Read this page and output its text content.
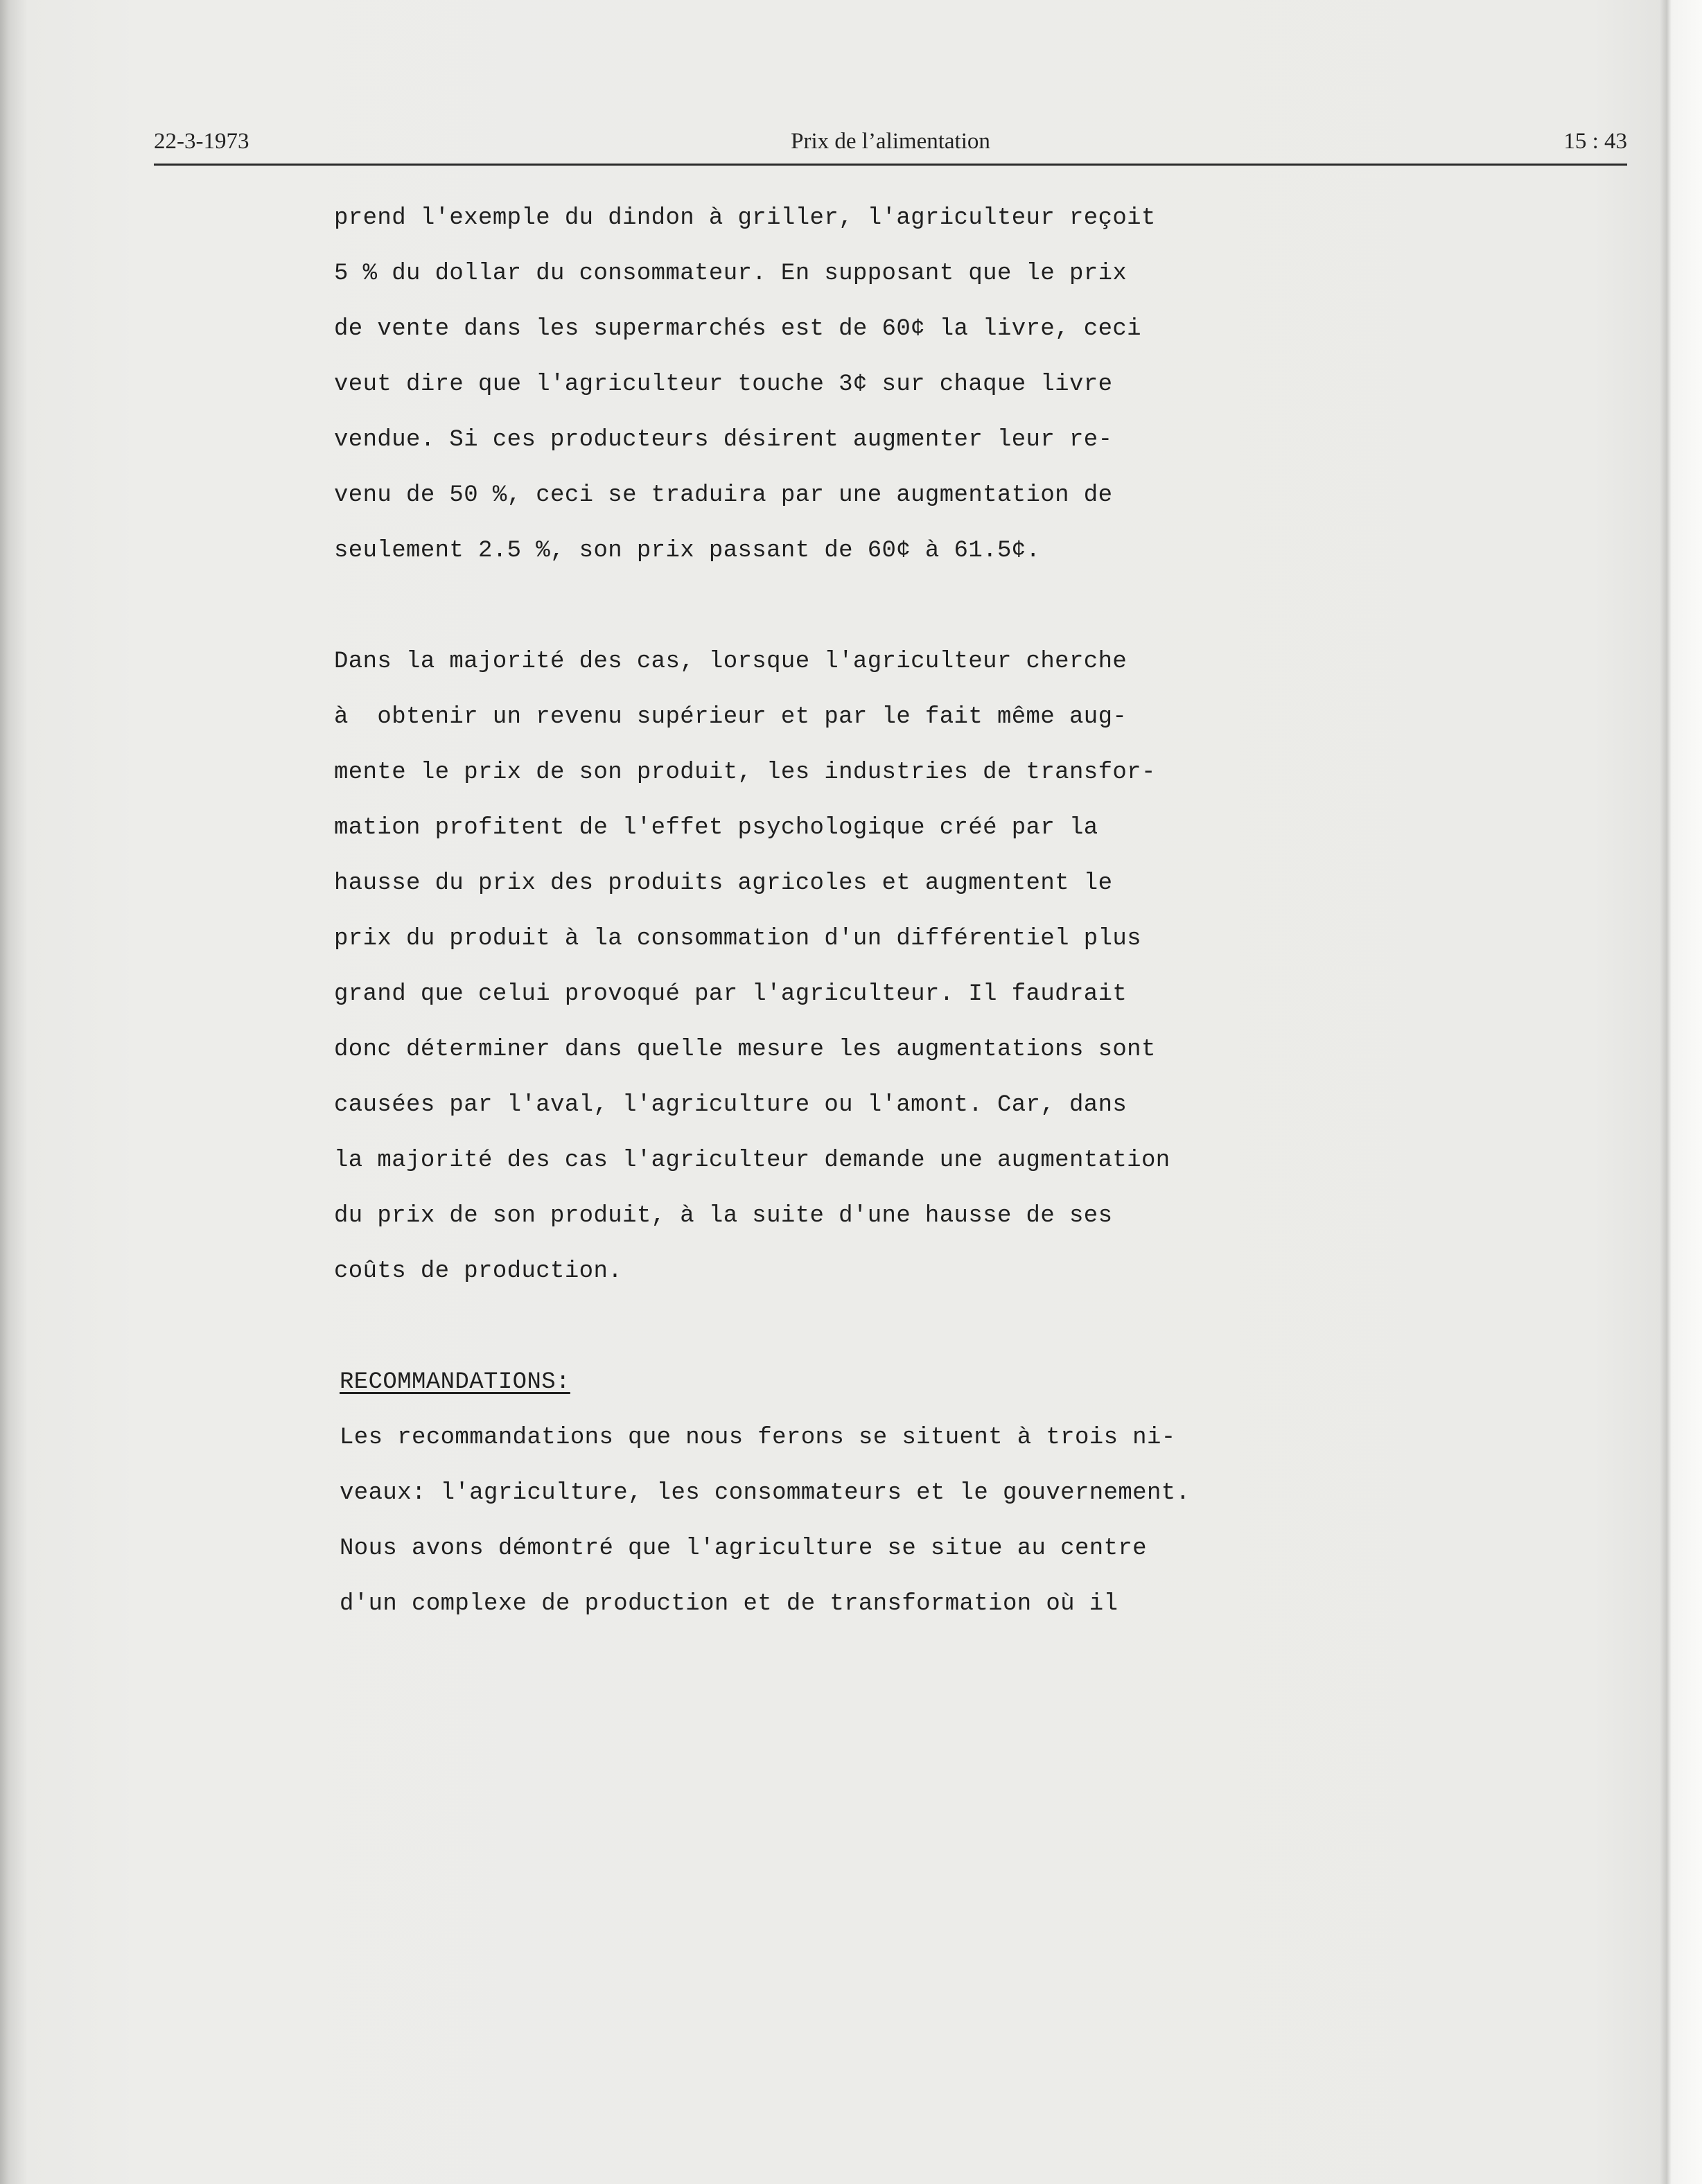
22-3-1973	Prix de l’alimentation	15 : 43
prend l'exemple du dindon à griller, l'agriculteur reçoit
5 % du dollar du consommateur. En supposant que le prix
de vente dans les supermarchés est de 60¢ la livre, ceci
veut dire que l'agriculteur touche 3¢ sur chaque livre
vendue. Si ces producteurs désirent augmenter leur re-
venu de 50 %, ceci se traduira par une augmentation de
seulement 2.5 %, son prix passant de 60¢ à 61.5¢.
Dans la majorité des cas, lorsque l'agriculteur cherche
à  obtenir un revenu supérieur et par le fait même aug-
mente le prix de son produit, les industries de transfor-
mation profitent de l'effet psychologique créé par la
hausse du prix des produits agricoles et augmentent le
prix du produit à la consommation d'un différentiel plus
grand que celui provoqué par l'agriculteur. Il faudrait
donc déterminer dans quelle mesure les augmentations sont
causées par l'aval, l'agriculture ou l'amont. Car, dans
la majorité des cas l'agriculteur demande une augmentation
du prix de son produit, à la suite d'une hausse de ses
coûts de production.
RECOMMANDATIONS:
Les recommandations que nous ferons se situent à trois ni-
veaux: l'agriculture, les consommateurs et le gouvernement.
Nous avons démontré que l'agriculture se situe au centre
d'un complexe de production et de transformation où il
